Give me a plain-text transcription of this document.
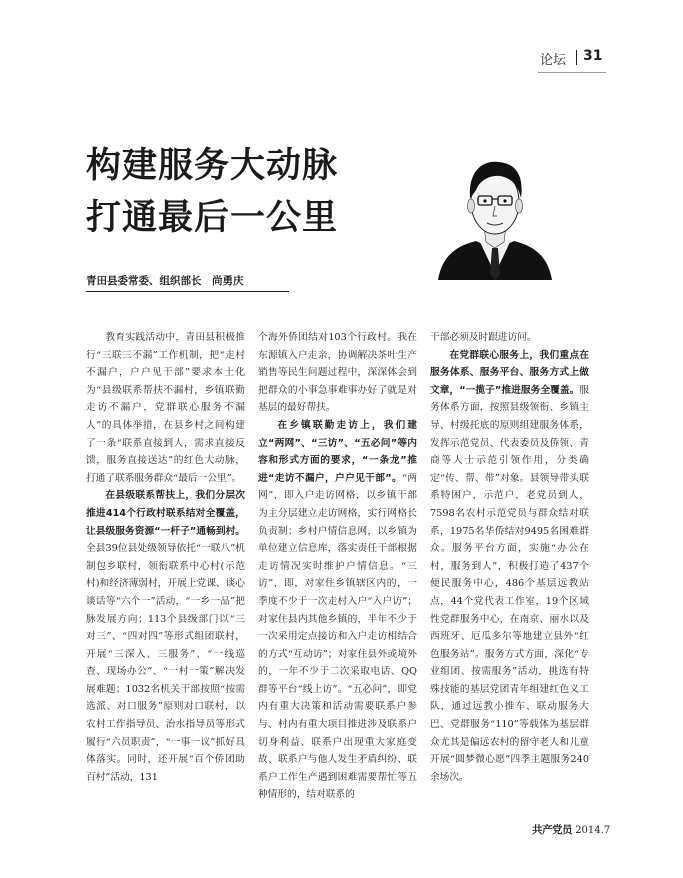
论坛 31
构建服务大动脉
打通最后一公里
青田县委常委、组织部长　尚勇庆

教育实践活动中，青田县积极推行“三联三不漏”工作机制，把“走村不漏户，户户见干部”要求本土化为“县级联系帮扶不漏村，乡镇联勤走访不漏户，党群联心服务不漏人”的具体举措，在县乡村之间构建了一条“联系直接到人，需求直接反馈，服务直接送达”的红色大动脉，打通了联系服务群众“最后一公里”。

在县级联系帮扶上，我们分层次推进414个行政村联系结对全覆盖，让县级服务资源“一杆子”通畅到村。全县39位县处级领导依托“一联八”机制包乡联村，领衔联系中心村(示范村)和经济薄弱村，开展上党课、谈心谈话等“六个一”活动，“一乡一品”把脉发展方向；113个县级部门以“三对三”、“四对四”等形式组团联村，开展“三深入、三服务”、“一线巡查、现场办公”、“一村一策”解决发展难题；1032名机关干部按照“按需选派、对口服务”原则对口联村，以农村工作指导员、治水指导员等形式履行“六员职责”，“一事一议”抓好具体落实。同时，还开展“百个侨团助百村”活动，131

个海外侨团结对103个行政村。我在东源镇入户走亲，协调解决茶叶生产销售等民生问题过程中，深深体会到把群众的小事急事难事办好了就是对基层的最好帮扶。

在乡镇联勤走访上，我们建立“两网”、“三访”、“五必问”等内容和形式方面的要求，“一条龙”推进“走访不漏户，户户见干部”。“两网”，即入户走访网格，以乡镇干部为主分层建立走访网格，实行网格长负责制；乡村户情信息网，以乡镇为单位建立信息库，落实责任干部根据走访情况实时维护户情信息。“三访”，即，对家住乡镇辖区内的，一季度不少于一次走村入户“入户访”；对家住县内其他乡镇的，半年不少于一次采用定点接访和入户走访相结合的方式“互动访”；对家住县外或境外的，一年不少于二次采取电话、QQ群等平台“线上访”。“五必问”，即党内有重大决策和活动需要联系户参与、村内有重大项目推进涉及联系户切身利益、联系户出现重大家庭变故、联系户与他人发生矛盾纠纷、联系户工作生产遇到困难需要帮忙等五种情形的，结对联系的

干部必须及时跟进访问。

在党群联心服务上，我们重点在服务体系、服务平台、服务方式上做文章，“一揽子”推进服务全覆盖。服务体系方面，按照县级领衔、乡镇主导、村级托底的原则组建服务体系，发挥示范党员、代表委员及侨领、青商等人士示范引领作用，分类确定“传、帮、带”对象。县领导带头联系特困户，示范户，老党员到人，7598名农村示范党员与群众结对联系，1975名华侨结对9495名困难群众。服务平台方面，实施“办公在村，服务到人”，积极打造了437个便民服务中心，486个基层远教站点，44个党代表工作室，19个区域性党群服务中心，在南京、丽水以及西班牙、厄瓜多尔等地建立县外“红色服务站”。服务方式方面，深化“专业组团、按需服务”活动，挑选有特殊技能的基层党团青年组建红色义工队，通过远教小推车、联动服务大巴、党群服务“110”等载体为基层群众尤其是偏远农村的留守老人和儿童开展“圆梦微心愿”四季主题服务240余场次。

共产党员 2014.7
